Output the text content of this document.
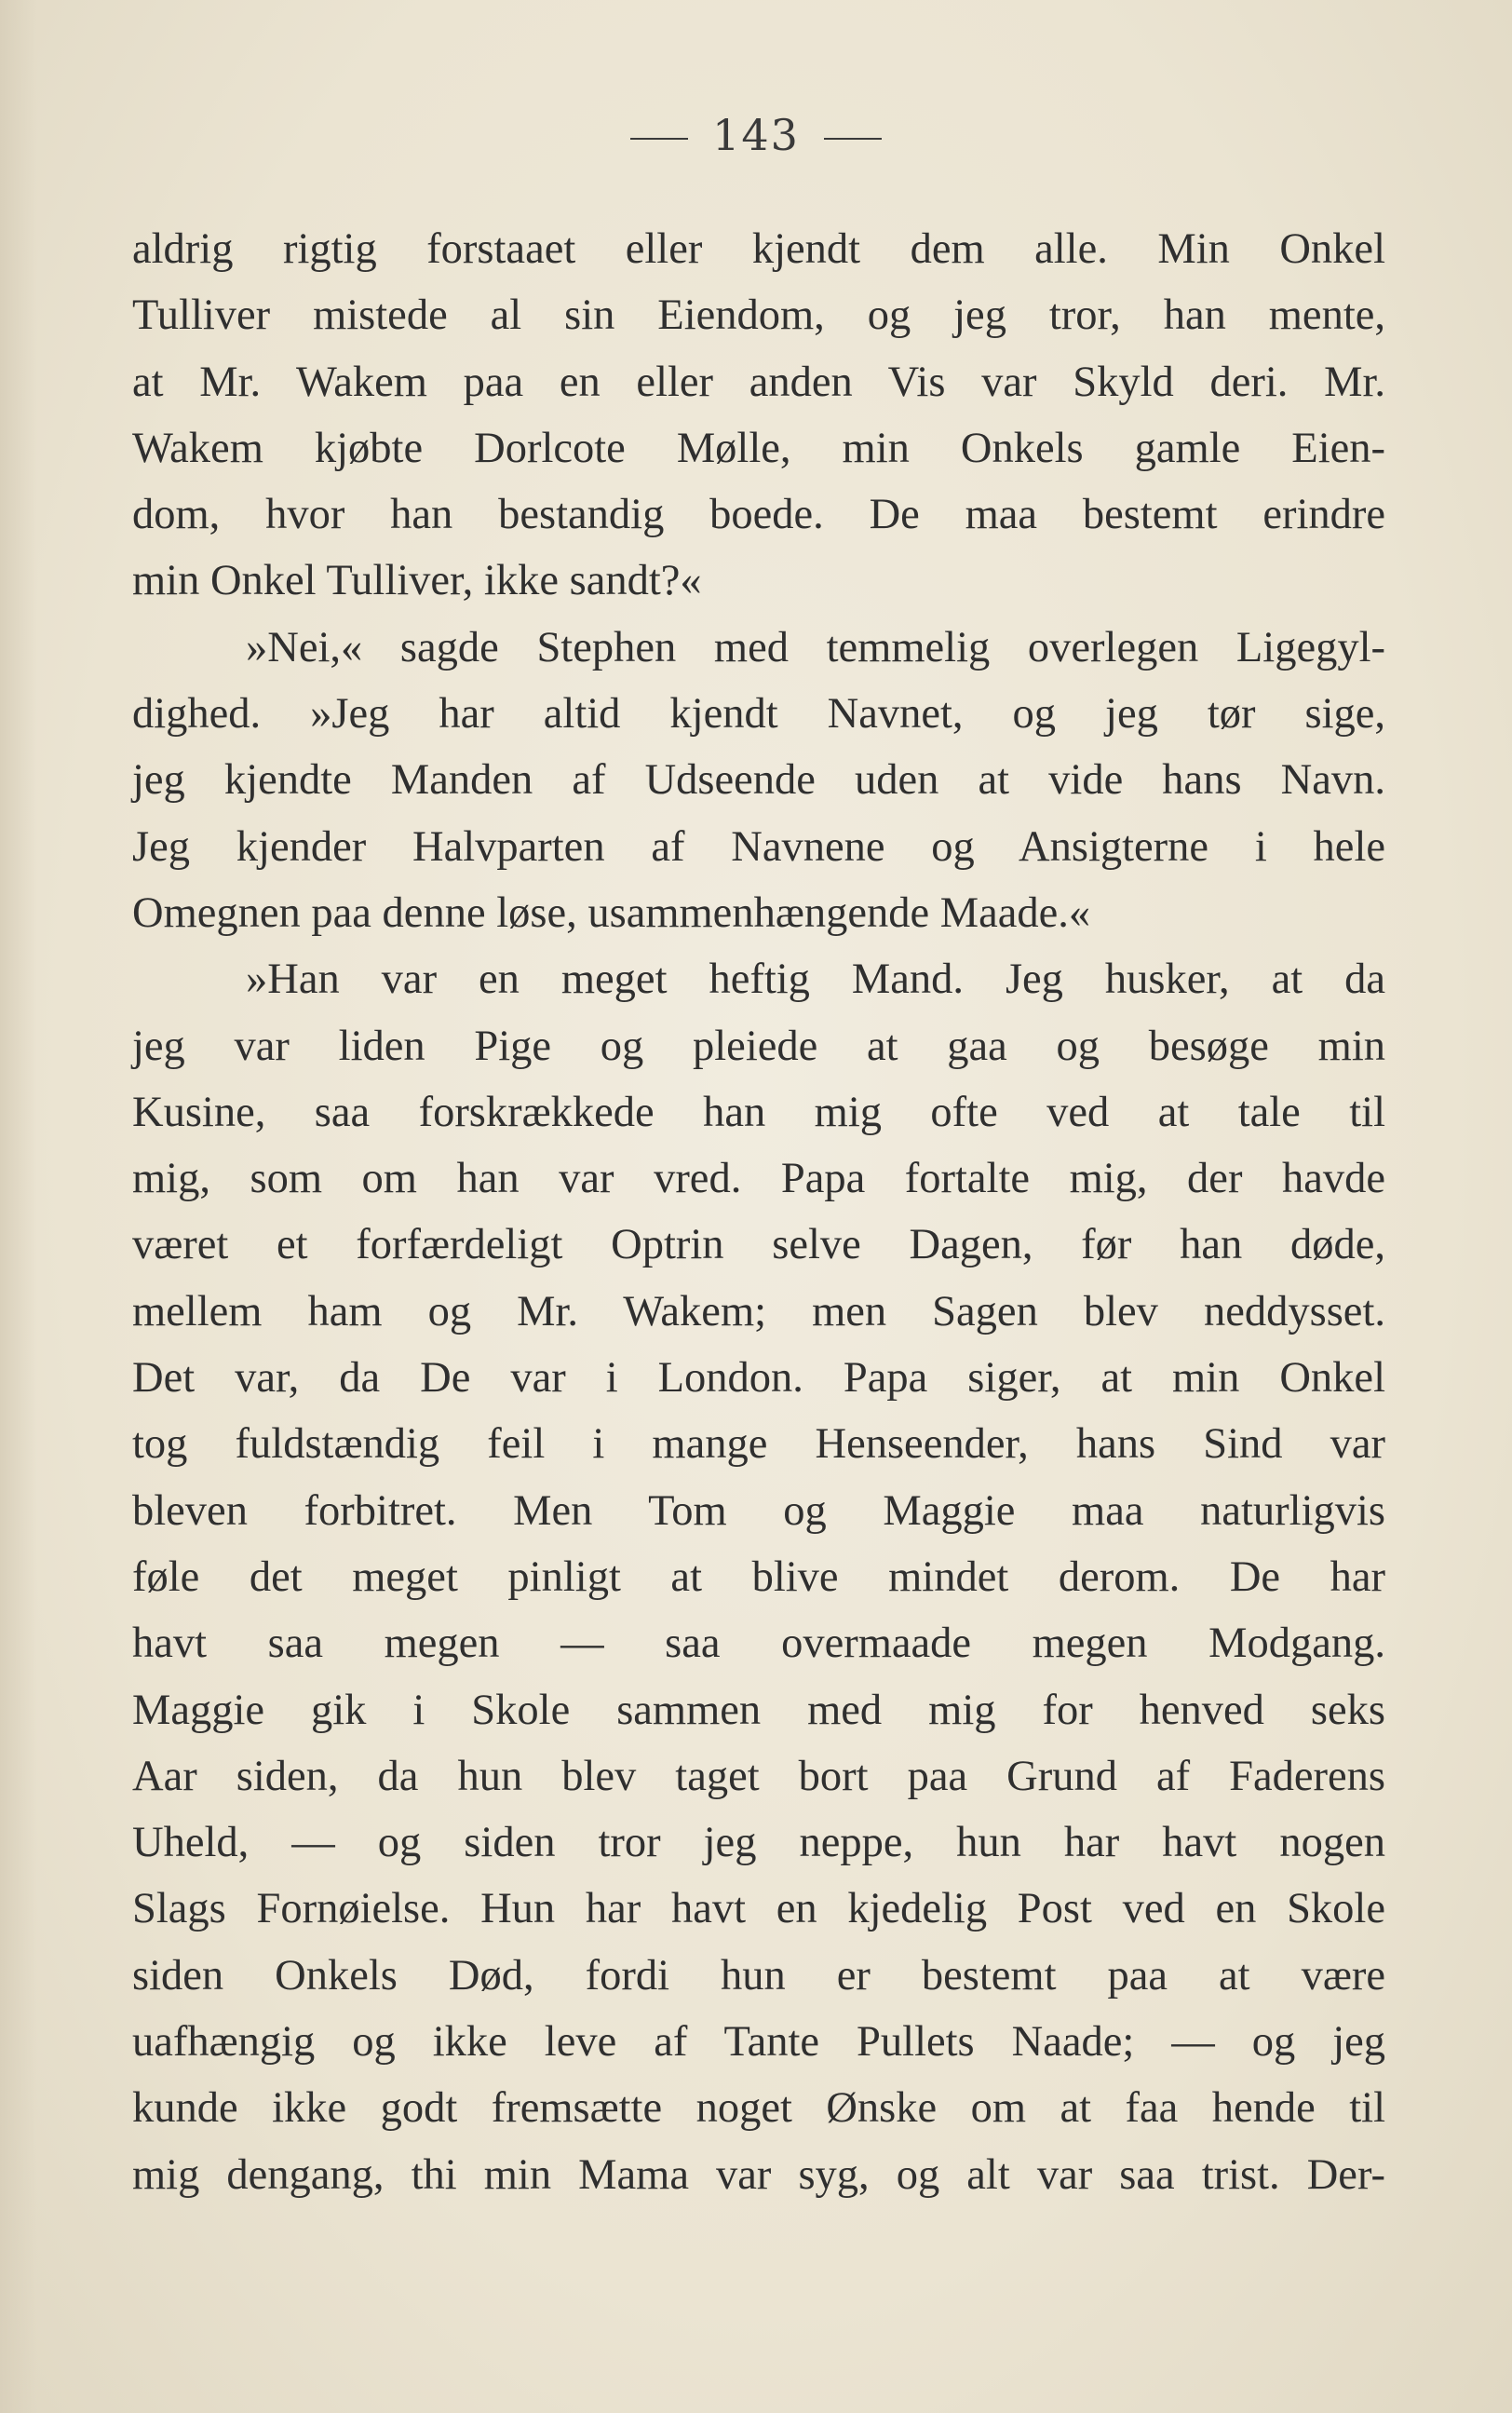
143
aldrig rigtig forstaaet eller kjendt dem alle. Min Onkel
Tulliver mistede al sin Eiendom, og jeg tror, han mente,
at Mr. Wakem paa en eller anden Vis var Skyld deri. Mr.
Wakem kjøbte Dorlcote Mølle, min Onkels gamle Eien-
dom, hvor han bestandig boede. De maa bestemt erindre
min Onkel Tulliver, ikke sandt?«
»Nei,« sagde Stephen med temmelig overlegen Ligegyl-
dighed. »Jeg har altid kjendt Navnet, og jeg tør sige,
jeg kjendte Manden af Udseende uden at vide hans Navn.
Jeg kjender Halvparten af Navnene og Ansigterne i hele
Omegnen paa denne løse, usammenhængende Maade.«
»Han var en meget heftig Mand. Jeg husker, at da
jeg var liden Pige og pleiede at gaa og besøge min
Kusine, saa forskrækkede han mig ofte ved at tale til
mig, som om han var vred. Papa fortalte mig, der havde
været et forfærdeligt Optrin selve Dagen, før han døde,
mellem ham og Mr. Wakem; men Sagen blev neddysset.
Det var, da De var i London. Papa siger, at min Onkel
tog fuldstændig feil i mange Henseender, hans Sind var
bleven forbitret. Men Tom og Maggie maa naturligvis
føle det meget pinligt at blive mindet derom. De har
havt saa megen — saa overmaade megen Modgang.
Maggie gik i Skole sammen med mig for henved seks
Aar siden, da hun blev taget bort paa Grund af Faderens
Uheld, — og siden tror jeg neppe, hun har havt nogen
Slags Fornøielse. Hun har havt en kjedelig Post ved en Skole
siden Onkels Død, fordi hun er bestemt paa at være
uafhængig og ikke leve af Tante Pullets Naade; — og jeg
kunde ikke godt fremsætte noget Ønske om at faa hende til
mig dengang, thi min Mama var syg, og alt var saa trist. Der-
